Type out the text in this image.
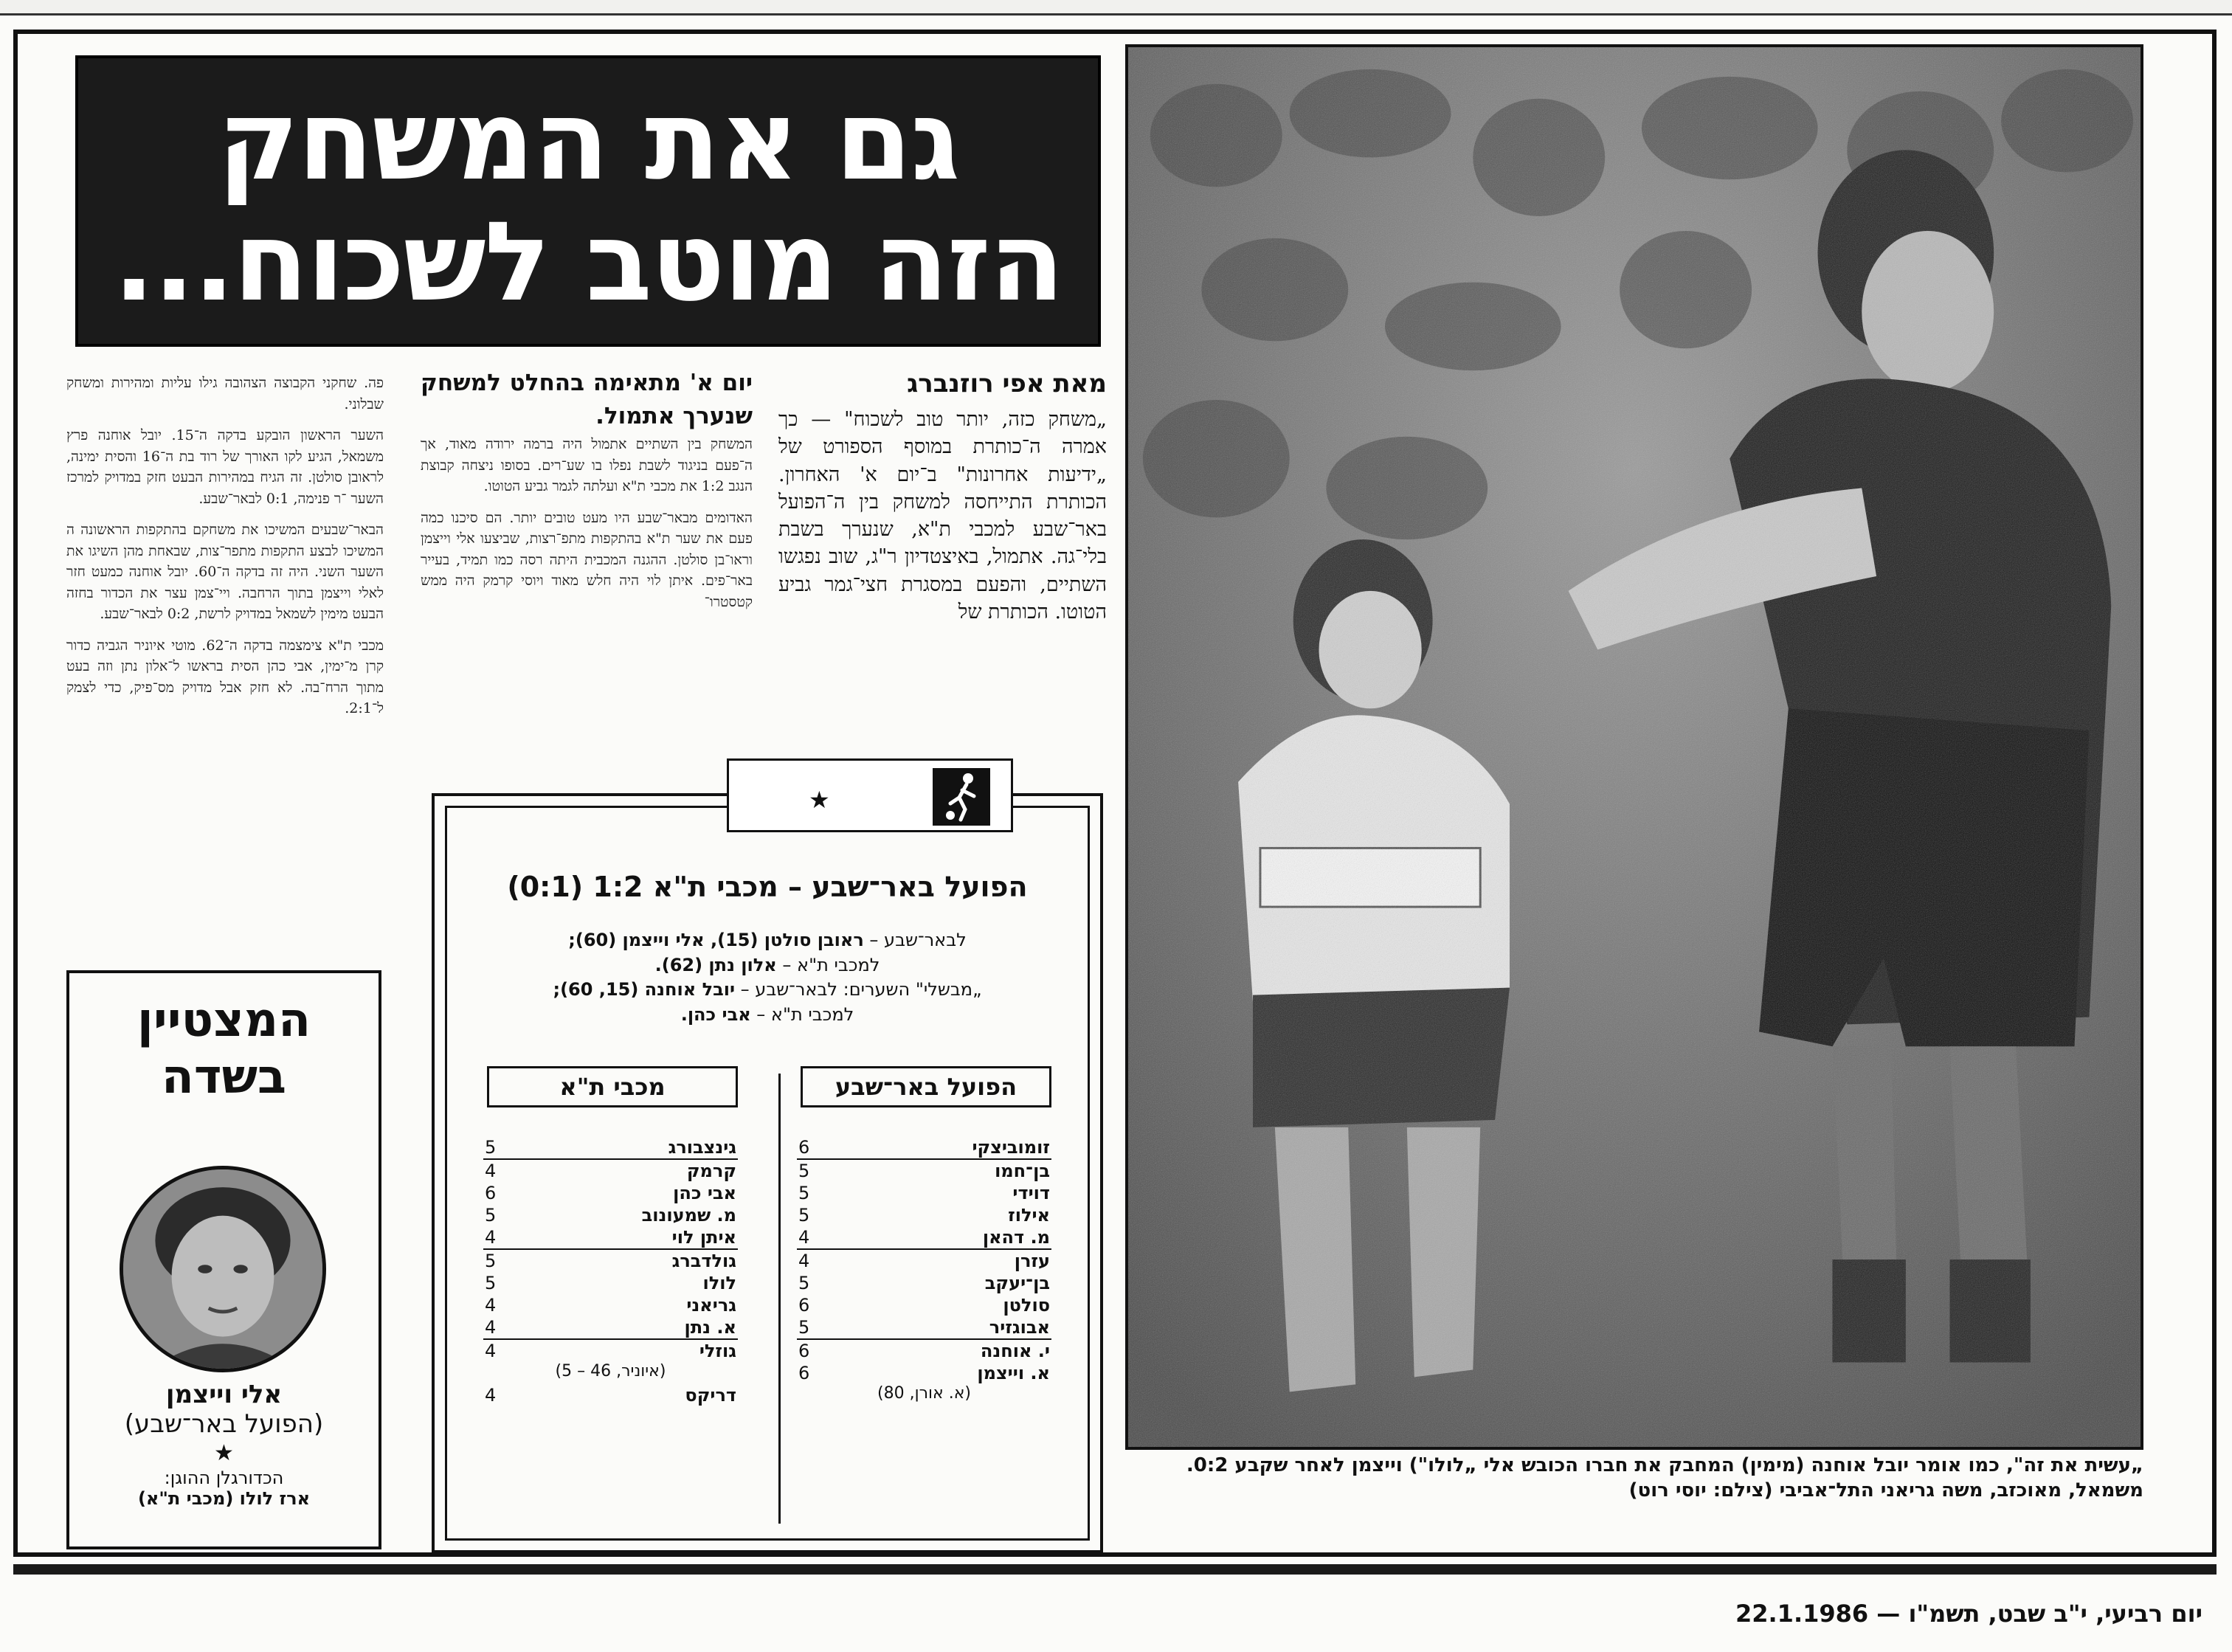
יום רביעי, י"ב שבט, תשמ"ו — 22.1.1986
גם את המשחק
הזה מוטב לשכוח...
„עשית את זה", כמו אומר יובל אוחנה (מימין) המחבק את חברו הכובש אלי „לולו") וייצמן לאחר שקבע 0:2. משמאל, מאוכזב, משה גריאני התל־אביבי (צילם: יוסי רוט)
מאת אפי רוזנברג

„משחק כזה, יותר טוב לשכוח" — כך אמרה ה־כותרת במוסף הספורט של „ידיעות אחרונות" ב־יום א' האחרון. הכותרת התייחסה למשחק בין ה־הפועל באר־שבע למכבי ת"א, שנערך בשבת בלי־גה. אתמול, באיצטדיון ר"ג, שוב נפגשו השתיים, והפעם במסגרת חצי־גמר גביע הטוטו. הכותרת של

יום א' מתאימה בהחלט למשחק שנערך אתמול.

המשחק בין השתיים אתמול היה ברמה ירודה מאוד, אך ה־פעם בניגוד לשבת נפלו בו שע־רים. בסופו ניצחה קבוצת הנגב 1:2 את מכבי ת"א ועלתה לגמר גביע הטוטו.

האדומים מבאר־שבע היו מעט טובים יותר. הם סיכנו כמה פעם את שער ת"א בהתקפות מתפ־רצות, שביצעו אלי וייצמן וראו־בן סולטן. ההגנה המכבית היתה רסה כמו תמיד, בעייר באר־פים. איתן לוי היה חלש מאוד ויוסי קרמק היה ממש קטסטרו־

פה. שחקני הקבוצה הצהובה גילו עליות ומהירות ומשחק שבלוני.

השער הראשון הובקע בדקה ה־15. יובל אוחנה פרץ משמאל, הגיע לקו האורך של רוד בת ה־16 והסית ימינה, לראובן סולטן. זה הגיח במהירות הבעט חזק במדויק למרכז השער ־ר פנימה, 0:1 לבאר־שבע.

הבאר־שבעים המשיכו את משחקם בהתקפות הראשונה ה המשיכו לבצע התקפות מתפר־צות, שבאחת מהן השיגו את השער השני. היה זה בדקה ה־60. יובל אוחנה כמעט חזר לאלי וייצמן בתוך הרחבה. ויי־צמן עצר את הכדור בחזה הבעט מימין לשמאל במדויק לרשת, 0:2 לבאר־שבע.

מכבי ת"א צימצמה בדקה ה־62. מוטי איוניר הגביה כדור קרן מ־ימין, אבי כהן הסית בראשו ל־אלון נתן וזה בעט מתוך הרח־בה. לא חזק אבל מדויק מס־פיק, כדי לצמק ל־2:1.

★
הפועל באר־שבע – מכבי ת"א 1:2 (0:1)
לבאר־שבע – ראובן סולטן (15), אלי וייצמן (60);
למכבי ת"א – אלון נתן (62).
„מבשלי" השערים: לבאר־שבע – יובל אוחנה (15, 60);
למכבי ת"א – אבי כהן.
הפועל באר־שבע
מכבי ת"א
זומוביצקי
6
בן־חמו
5
דוידי
5
אילוז
5
מ. דהאן
4
עזרן
4
בן־יעקב
5
סולטן
6
אבוגזיר
5
י. אוחנה
6
א. וייצמן
6
(א. אורן, 80)
גינצבורג
5
קרמק
4
אבי כהן
6
מ. שמעונוב
5
איתן לוי
4
גולדברג
5
לולו
5
גריאני
4
א. נתן
4
גוזלי
4
(איוניר, 46 – 5)
דריקס
4
המצטיין
בשדה
אלי וייצמן
(הפועל באר־שבע)
★
הכדורגלן ההוגן:
ארז לולו (מכבי ת"א)
